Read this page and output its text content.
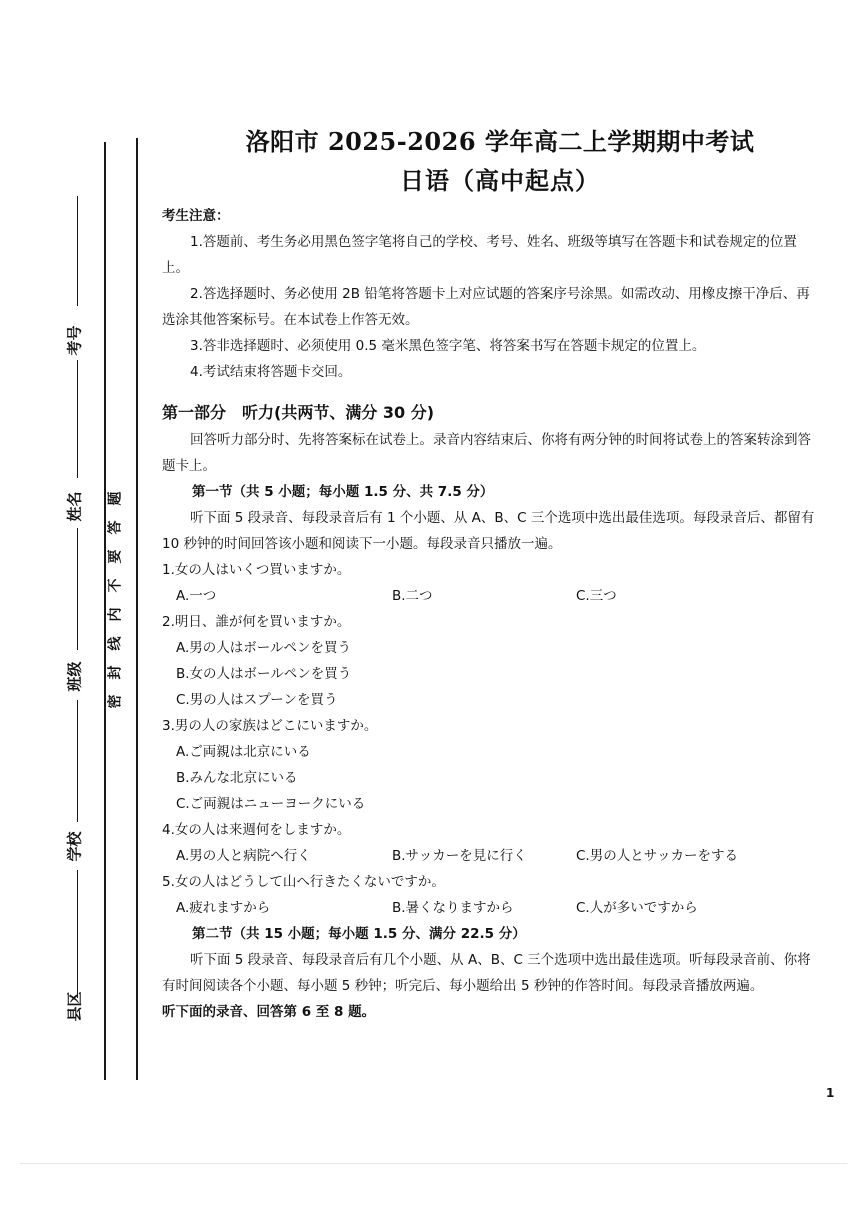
考号
姓名
班级
学校
县区
题
答
要
不
内
线
封
密
洛阳市 2025-2026 学年高二上学期期中考试
日语（高中起点）

考生注意：

1.答题前、考生务必用黑色签字笔将自己的学校、考号、姓名、班级等填写在答题卡和试卷规定的位置上。

2.答选择题时、务必使用 2B 铅笔将答题卡上对应试题的答案序号涂黑。如需改动、用橡皮擦干净后、再选涂其他答案标号。在本试卷上作答无效。

3.答非选择题时、必须使用 0.5 毫米黑色签字笔、将答案书写在答题卡规定的位置上。

4.考试结束将答题卡交回。

第一部分　听力(共两节、满分 30 分)

回答听力部分时、先将答案标在试卷上。录音内容结束后、你将有两分钟的时间将试卷上的答案转涂到答题卡上。

第一节（共 5 小题；每小题 1.5 分、共 7.5 分）

听下面 5 段录音、每段录音后有 1 个小题、从 A、B、C 三个选项中选出最佳选项。每段录音后、都留有 10 秒钟的时间回答该小题和阅读下一小题。每段录音只播放一遍。

1.女の人はいくつ買いますか。

A.一つ	B.二つ	C.三つ

2.明日、誰が何を買いますか。

A.男の人はボールペンを買う
B.女の人はボールペンを買う
C.男の人はスプーンを買う

3.男の人の家族はどこにいますか。

A.ご両親は北京にいる
B.みんな北京にいる
C.ご両親はニューヨークにいる

4.女の人は来週何をしますか。

A.男の人と病院へ行く	B.サッカーを見に行く	C.男の人とサッカーをする

5.女の人はどうして山へ行きたくないですか。

A.疲れますから	B.暑くなりますから	C.人が多いですから

第二节（共 15 小题；每小题 1.5 分、满分 22.5 分）

听下面 5 段录音、每段录音后有几个小题、从 A、B、C 三个选项中选出最佳选项。听每段录音前、你将有时间阅读各个小题、每小题 5 秒钟；听完后、每小题给出 5 秒钟的作答时间。每段录音播放两遍。

听下面的录音、回答第 6 至 8 题。

1
